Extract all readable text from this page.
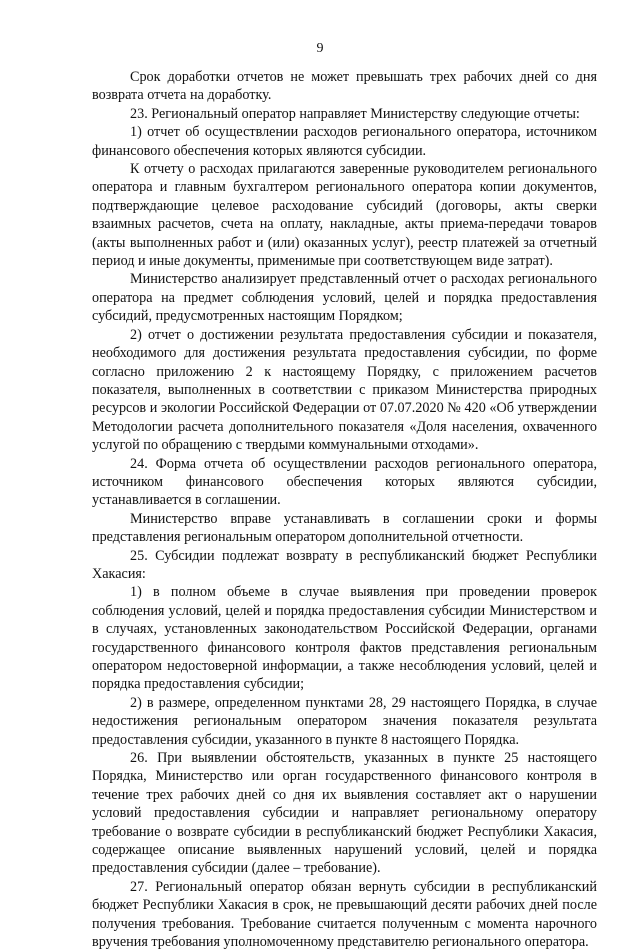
9

Срок доработки отчетов не может превышать трех рабочих дней со дня возврата отчета на доработку.

23. Региональный оператор направляет Министерству следующие отчеты:

1) отчет об осуществлении расходов регионального оператора, источником финансового обеспечения которых являются субсидии.

К отчету о расходах прилагаются заверенные руководителем регионального оператора и главным бухгалтером регионального оператора копии документов, подтверждающие целевое расходование субсидий (договоры, акты сверки взаимных расчетов, счета на оплату, накладные, акты приема-передачи товаров (акты выполненных работ и (или) оказанных услуг), реестр платежей за отчетный период и иные документы, применимые при соответствующем виде затрат).

Министерство анализирует представленный отчет о расходах регионального оператора на предмет соблюдения условий, целей и порядка предоставления субсидий, предусмотренных настоящим Порядком;

2) отчет о достижении результата предоставления субсидии и показателя, необходимого для достижения результата предоставления субсидии, по форме согласно приложению 2 к настоящему Порядку, с приложением расчетов показателя, выполненных в соответствии с приказом Министерства природных ресурсов и экологии Российской Федерации от 07.07.2020 № 420 «Об утверждении Методологии расчета дополнительного показателя «Доля населения, охваченного услугой по обращению с твердыми коммунальными отходами».

24. Форма отчета об осуществлении расходов регионального оператора, источником финансового обеспечения которых являются субсидии, устанавливается в соглашении.

Министерство вправе устанавливать в соглашении сроки и формы представления региональным оператором дополнительной отчетности.

25. Субсидии подлежат возврату в республиканский бюджет Республики Хакасия:

1) в полном объеме в случае выявления при проведении проверок соблюдения условий, целей и порядка предоставления субсидии Министерством и в случаях, установленных законодательством Российской Федерации, органами государственного финансового контроля фактов представления региональным оператором недостоверной информации, а также несоблюдения условий, целей и порядка предоставления субсидии;

2) в размере, определенном пунктами 28, 29 настоящего Порядка, в случае недостижения региональным оператором значения показателя результата предоставления субсидии, указанного в пункте 8 настоящего Порядка.

26. При выявлении обстоятельств, указанных в пункте 25 настоящего Порядка, Министерство или орган государственного финансового контроля в течение трех рабочих дней со дня их выявления составляет акт о нарушении условий предоставления субсидии и направляет региональному оператору требование о возврате субсидии в республиканский бюджет Республики Хакасия, содержащее описание выявленных нарушений условий, целей и порядка предоставления субсидии (далее – требование).

27. Региональный оператор обязан вернуть субсидии в республиканский бюджет Республики Хакасия в срок, не превышающий десяти рабочих дней после получения требования. Требование считается полученным с момента нарочного вручения требования уполномоченному представителю регионального оператора.
